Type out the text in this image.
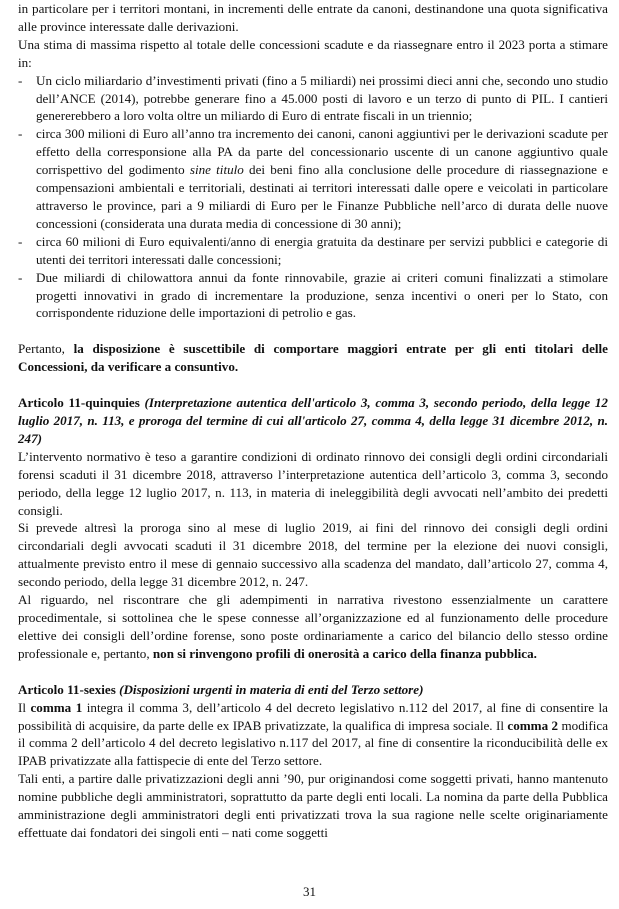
in particolare per i territori montani, in incrementi delle entrate da canoni, destinandone una quota significativa alle province interessate dalle derivazioni.

Una stima di massima rispetto al totale delle concessioni scadute e da riassegnare entro il 2023 porta a stimare in:

- Un ciclo miliardario d’investimenti privati (fino a 5 miliardi) nei prossimi dieci anni che, secondo uno studio dell’ANCE (2014), potrebbe generare fino a 45.000 posti di lavoro e un terzo di punto di PIL. I cantieri genererebbero a loro volta oltre un miliardo di Euro di entrate fiscali in un triennio;
- circa 300 milioni di Euro all’anno tra incremento dei canoni, canoni aggiuntivi per le derivazioni scadute per effetto della corresponsione alla PA da parte del concessionario uscente di un canone aggiuntivo quale corrispettivo del godimento sine titulo dei beni fino alla conclusione delle procedure di riassegnazione e compensazioni ambientali e territoriali, destinati ai territori interessati dalle opere e veicolati in particolare attraverso le province, pari a 9 miliardi di Euro per le Finanze Pubbliche nell’arco di durata delle nuove concessioni (considerata una durata media di concessione di 30 anni);
- circa 60 milioni di Euro equivalenti/anno di energia gratuita da destinare per servizi pubblici e categorie di utenti dei territori interessati dalle concessioni;
- Due miliardi di chilowattora annui da fonte rinnovabile, grazie ai criteri comuni finalizzati a stimolare progetti innovativi in grado di incrementare la produzione, senza incentivi o oneri per lo Stato, con corrispondente riduzione delle importazioni di petrolio e gas.

Pertanto, la disposizione è suscettibile di comportare maggiori entrate per gli enti titolari delle Concessioni, da verificare a consuntivo.

Articolo 11-quinquies (Interpretazione autentica dell'articolo 3, comma 3, secondo periodo, della legge 12 luglio 2017, n. 113, e proroga del termine di cui all'articolo 27, comma 4, della legge 31 dicembre 2012, n. 247)

L’intervento normativo è teso a garantire condizioni di ordinato rinnovo dei consigli degli ordini circondariali forensi scaduti il 31 dicembre 2018, attraverso l’interpretazione autentica dell’articolo 3, comma 3, secondo periodo, della legge 12 luglio 2017, n. 113, in materia di ineleggibilità degli avvocati nell’ambito dei predetti consigli.

Si prevede altresì la proroga sino al mese di luglio 2019, ai fini del rinnovo dei consigli degli ordini circondariali degli avvocati scaduti il 31 dicembre 2018, del termine per la elezione dei nuovi consigli, attualmente previsto entro il mese di gennaio successivo alla scadenza del mandato, dall’articolo 27, comma 4, secondo periodo, della legge 31 dicembre 2012, n. 247.

Al riguardo, nel riscontrare che gli adempimenti in narrativa rivestono essenzialmente un carattere procedimentale, si sottolinea che le spese connesse all’organizzazione ed al funzionamento delle procedure elettive dei consigli dell’ordine forense, sono poste ordinariamente a carico del bilancio dello stesso ordine professionale e, pertanto, non si rinvengono profili di onerosità a carico della finanza pubblica.

Articolo 11-sexies (Disposizioni urgenti in materia di enti del Terzo settore)

Il comma 1 integra il comma 3, dell’articolo 4 del decreto legislativo n.112 del 2017, al fine di consentire la possibilità di acquisire, da parte delle ex IPAB privatizzate, la qualifica di impresa sociale. Il comma 2 modifica il comma 2 dell’articolo 4 del decreto legislativo n.117 del 2017, al fine di consentire la riconducibilità delle ex IPAB privatizzate alla fattispecie di ente del Terzo settore.

Tali enti, a partire dalle privatizzazioni degli anni ’90, pur originandosi come soggetti privati, hanno mantenuto nomine pubbliche degli amministratori, soprattutto da parte degli enti locali. La nomina da parte della Pubblica amministrazione degli amministratori degli enti privatizzati trova la sua ragione nelle scelte originariamente effettuate dai fondatori dei singoli enti – nati come soggetti

31
